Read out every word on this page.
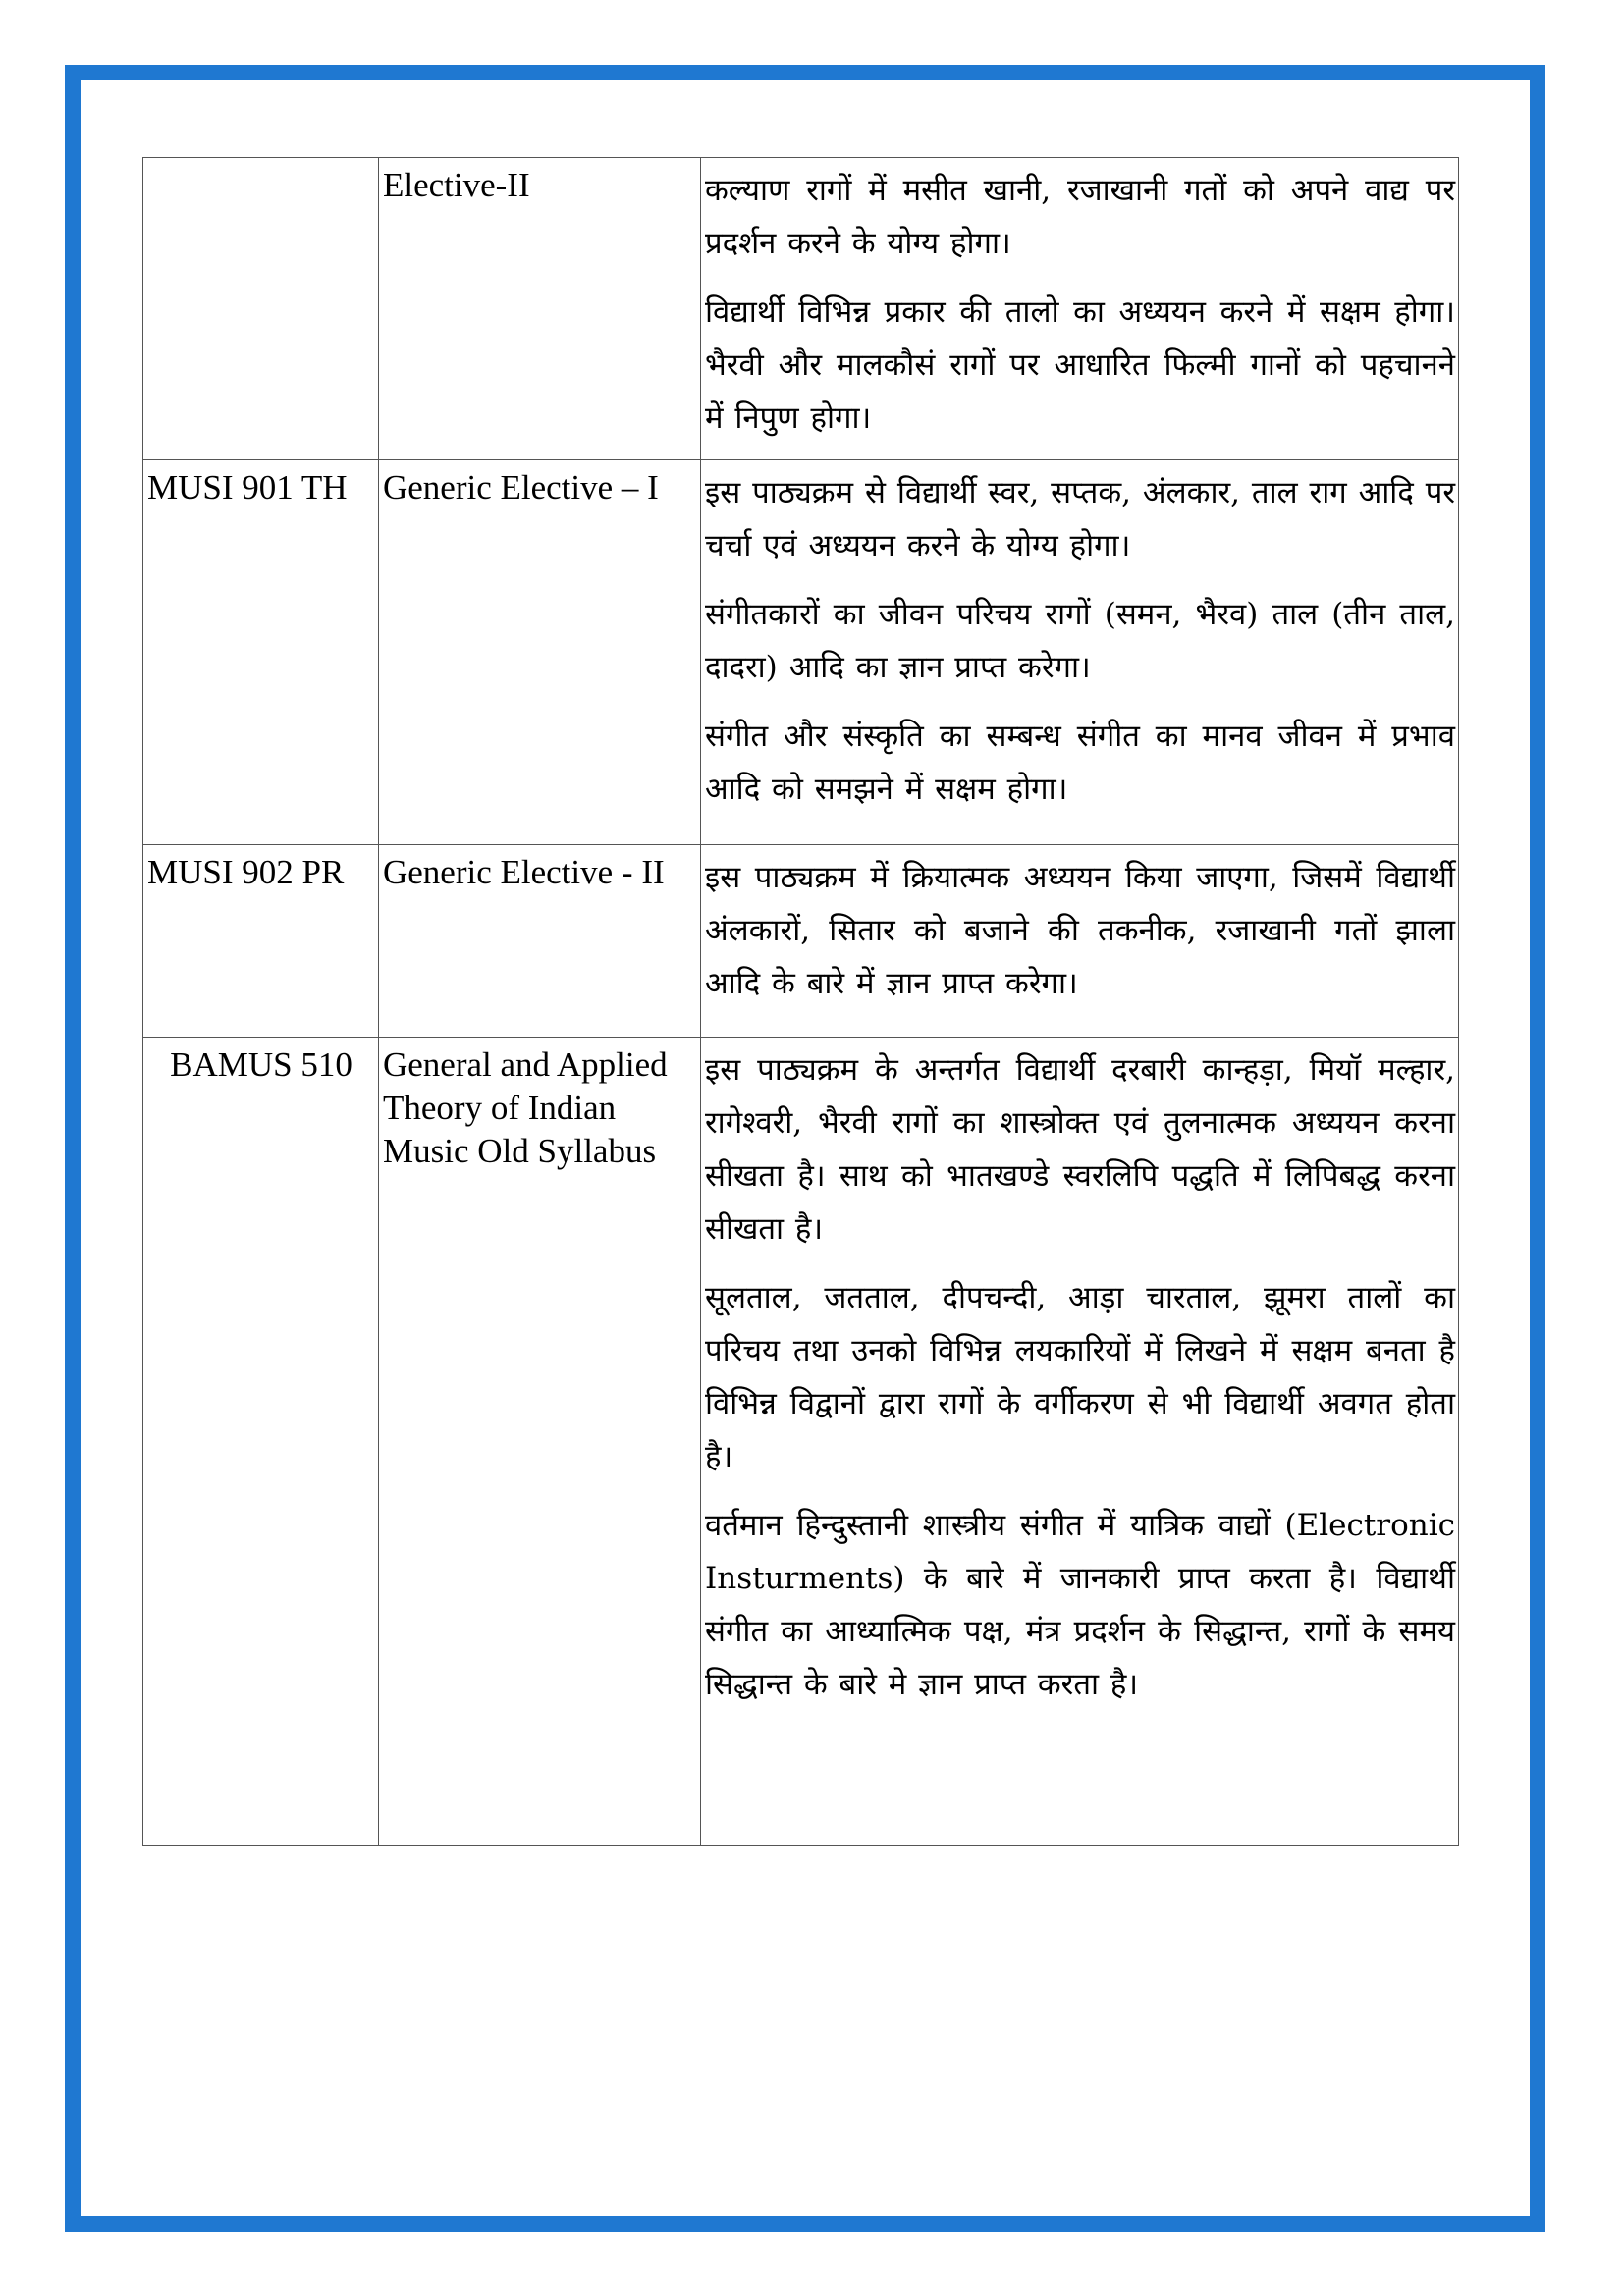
	Elective-II	कल्याण रागों में मसीत खानी, रजाखानी गतों को अपने वाद्य पर प्रदर्शन करने के योग्य होगा।

विद्यार्थी विभिन्न प्रकार की तालो का अध्ययन करने में सक्षम होगा। भैरवी और मालकौसं रागों पर आधारित फिल्मी गानों को पहचानने में निपुण होगा।

MUSI 901 TH	Generic Elective – I	इस पाठ्यक्रम से विद्यार्थी स्वर, सप्तक, अंलकार, ताल राग आदि पर चर्चा एवं अध्ययन करने के योग्य होगा।

संगीतकारों का जीवन परिचय रागों (समन, भैरव) ताल (तीन ताल, दादरा) आदि का ज्ञान प्राप्त करेगा।

संगीत और संस्कृति का सम्बन्ध संगीत का मानव जीवन में प्रभाव आदि को समझने में सक्षम होगा।

MUSI 902 PR	Generic Elective - II	इस पाठ्यक्रम में क्रियात्मक अध्ययन किया जाएगा, जिसमें विद्यार्थी अंलकारों, सितार को बजाने की तकनीक, रजाखानी गतों झाला आदि के बारे में ज्ञान प्राप्त करेगा।

BAMUS 510	General and Applied Theory of Indian Music Old Syllabus	इस पाठ्यक्रम के अन्तर्गत विद्यार्थी दरबारी कान्हड़ा, मियॉ मल्हार, रागेश्वरी, भैरवी रागों का शास्त्रोक्त एवं तुलनात्मक अध्ययन करना सीखता है। साथ को भातखण्डे स्वरलिपि पद्धति में लिपिबद्ध करना सीखता है।

सूलताल, जतताल, दीपचन्दी, आड़ा चारताल, झूमरा तालों का परिचय तथा उनको विभिन्न लयकारियों में लिखने में सक्षम बनता है विभिन्न विद्वानों द्वारा रागों के वर्गीकरण से भी विद्यार्थी अवगत होता है।

वर्तमान हिन्दुस्तानी शास्त्रीय संगीत में यात्रिक वाद्यों (Electronic Insturments) के बारे में जानकारी प्राप्त करता है। विद्यार्थी संगीत का आध्यात्मिक पक्ष, मंत्र प्रदर्शन के सिद्धान्त, रागों के समय सिद्धान्त के बारे मे ज्ञान प्राप्त करता है।
